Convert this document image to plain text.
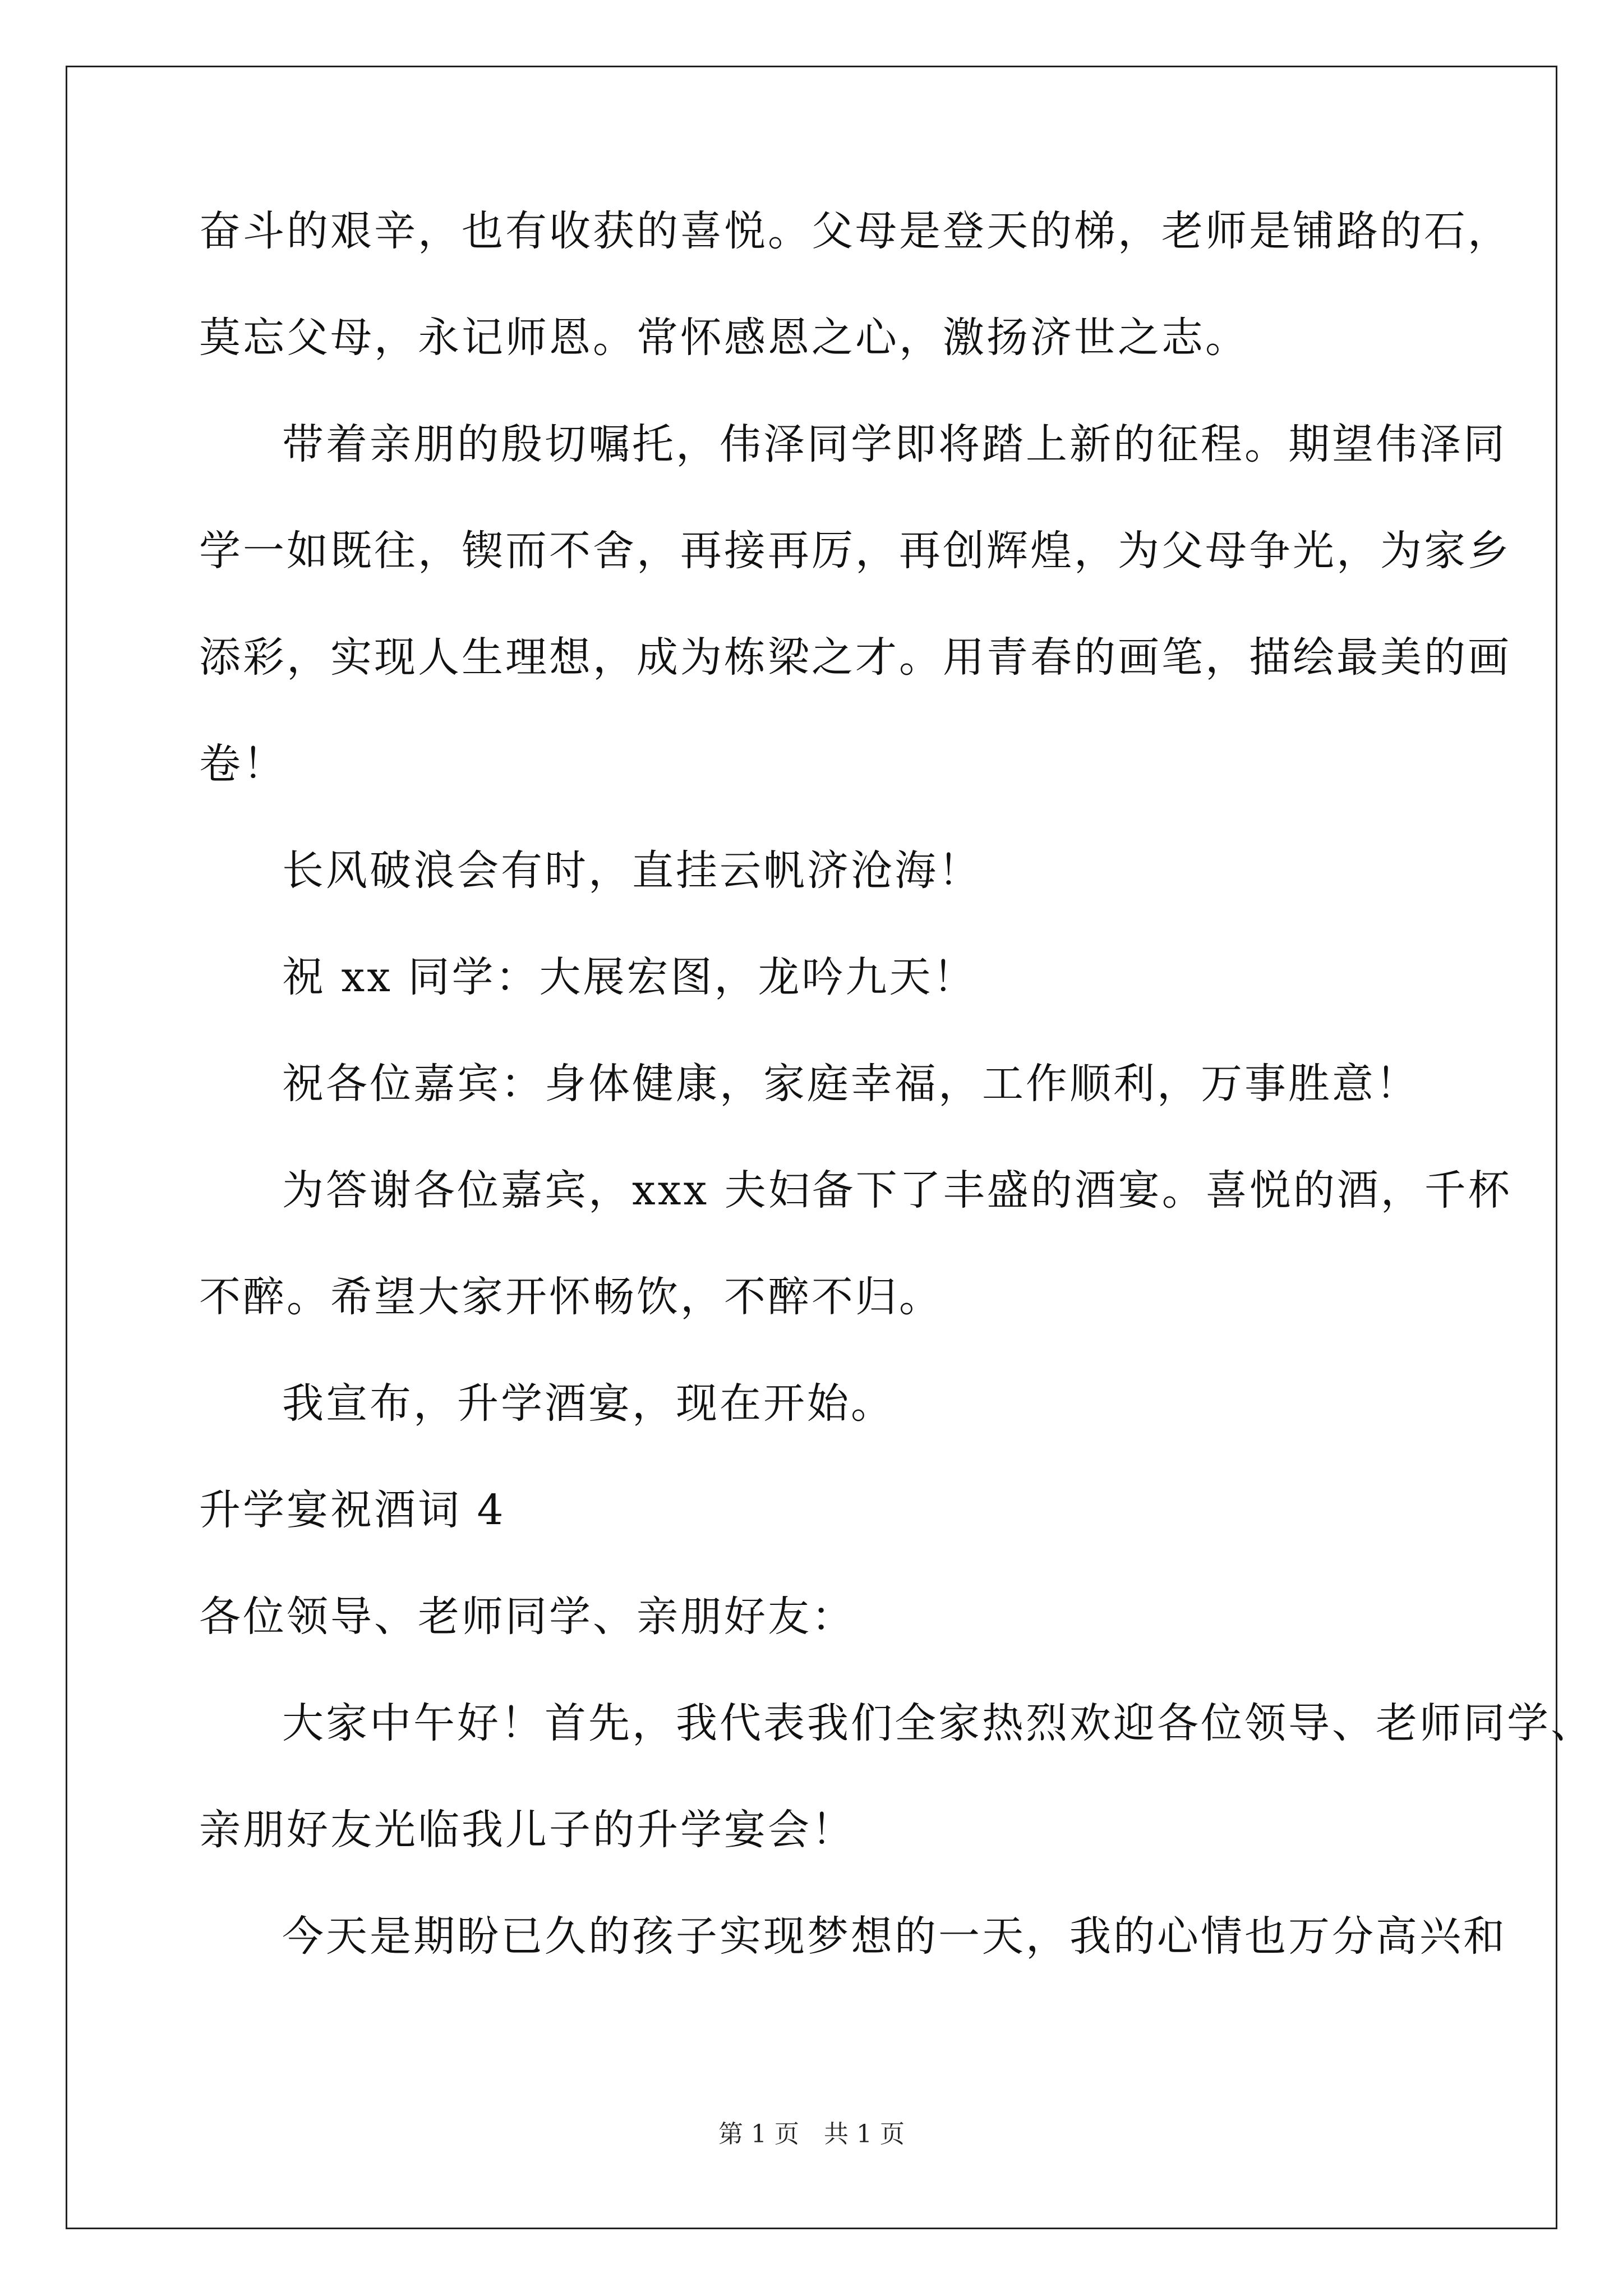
奋斗的艰辛，也有收获的喜悦。父母是登天的梯，老师是铺路的石，
莫忘父母，永记师恩。常怀感恩之心，激扬济世之志。
带着亲朋的殷切嘱托，伟泽同学即将踏上新的征程。期望伟泽同
学一如既往，锲而不舍，再接再厉，再创辉煌，为父母争光，为家乡
添彩，实现人生理想，成为栋梁之才。用青春的画笔，描绘最美的画
卷！
长风破浪会有时，直挂云帆济沧海！
祝 xx 同学：大展宏图，龙吟九天！
祝各位嘉宾：身体健康，家庭幸福，工作顺利，万事胜意！
为答谢各位嘉宾，xxx 夫妇备下了丰盛的酒宴。喜悦的酒，千杯
不醉。希望大家开怀畅饮，不醉不归。
我宣布，升学酒宴，现在开始。
升学宴祝酒词 4
各位领导、老师同学、亲朋好友：
大家中午好！首先，我代表我们全家热烈欢迎各位领导、老师同学、
亲朋好友光临我儿子的升学宴会！
今天是期盼已久的孩子实现梦想的一天，我的心情也万分高兴和
第 1 页　共 1 页
